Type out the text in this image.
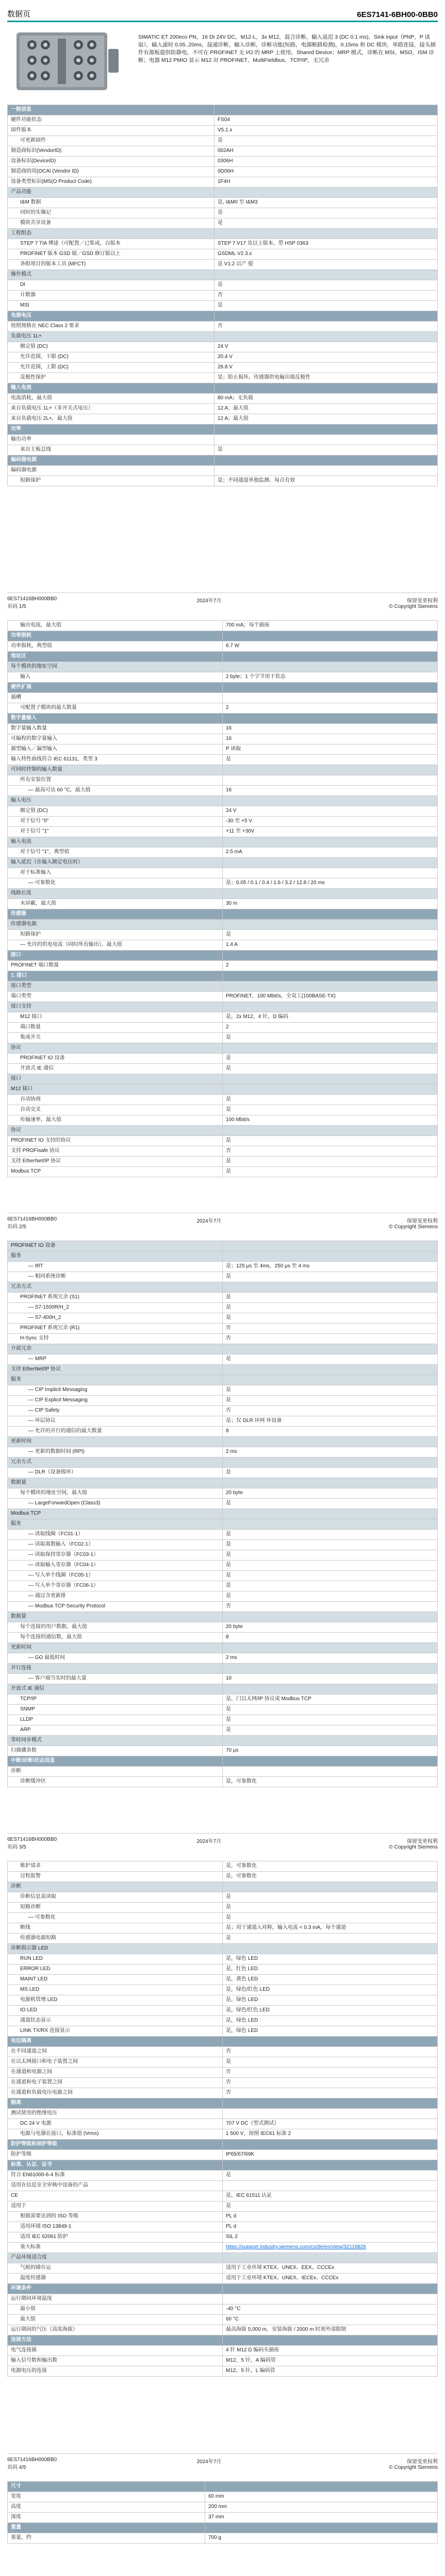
数据页	6ES7141-6BH00-0BB0
SIMATIC ET 200eco PN，16 DI 24V DC，M12-L，3x M12，混合诊断，输入延迟 3 (DC 0.1 ms)，Sink input（PNP，P 读取），输入滤时 0.05..20ms，接通诊断，输入诊断，诊断功能(短路，电源断路检测)，0.15ms 和 DC 模块，单路连接，接头插件有源板提供防静电，不可在 PROFINET 无 I/O 的 MRP 上使用，Shared Device；MRP 模式，诊断在 MSI、MSO，ISM 诊断；电器 M12 PMIO 显示 M12 对 PROFINET、MultiFieldbus、TCP/IP，无冗余
一般信息	
硬件功能状态	FS04
固件版本	V5.1.x
可更新固件	是
制造商标识(VendorID)	002AH
设备标识(DeviceID)	0306H
制造商的用(OCAI (Vendor ID)	0D06H
设备类型标识(MS(O Product Code)	1F4H
产品功能	
I&M 数据	是, I&M0 至 I&M3
同时的实操记	是
模块共享设备	是
工程组态	
STEP 7 TIA 博途（可配置／已集成，自版本	STEP 7 V17 及以上版本，带 HSP 0363
PROFINET 版本 GSD 版／GSD 修订版以上	GSDML V2.3.x
各组项目的版本工具 (MFCT)	是 V1.2 以产 提
操作模式	
DI	是
计数器	否
MSI	是
电源电压	
按照规格在 NEC Class 2 要求	否
负载电压 1L+	
额定值 (DC)	24 V
允许范围，下限 (DC)	20.4 V
允许范围，上限 (DC)	28.8 V
反极性保护	是；防止损坏，传感器供电输出端反极性
输入电流	
电流消耗，最大值	80 mA；无负载
来自负载电压 1L+（非开关式电压）	12 A；最大值
来自负载电压 2L+，最大值	12 A；最大值
功率	
输出功率	
来自主板总线	是
编码器电源	
编码器电源	
短路保护	是；不同通道单独监测、每点有效
6ES71416BH000BB0
页码 1/5
2024年7月	保留变更权利
© Copyright Siemens
输出电流，最大值	700 mA；每个插座
功率损耗	
功率损耗，典型值	6.7 W
地址区	
每个模块的地址空间	
输入	2 byte；1 个字节用于状态
硬件扩展	
插槽	
可配置子模块的最大数量	2
数字量输入	
数字量输入数量	16
可编程的数字量输入	16
源型输入／漏型输入	P 读取
输入特性曲线符合 IEC 61131，类型 3	是
可同时控制的输入数量	
所有安装位置	
— 最高可达 60 °C，最大值	16
输入电压	
额定值 (DC)	24 V
对于信号 "0"	-30 至 +5 V
对于信号 "1"	+11 至 +30V
输入电流	
对于信号 "1"，典型值	2.5 mA
输入延迟（在输入额定电压时）	
对于标准输入	
— 可参数化	是；0.05 / 0.1 / 0.4 / 1.6 / 3.2 / 12.8 / 20 ms
线路长度	
未屏蔽，最大值	30 m
传感器	
传感器电源	
短路保护	是
— 允许的供电电流（同时所有输出），最大值	1.4 A
接口	
PROFINET 端口数量	2
1. 接口	
接口类型	
端口类型	PROFINET，100 Mbit/s，全双工(100BASE-TX)
接口支持	
M12 接口	是，2x M12，4 针，D 编码
端口数量	2
集成开关	是
协议	
PROFINET IO 设备	是
开放式 IE 通信	是
接口	
M12 接口	
自动协商	是
自动交叉	是
传输速率，最大值	100 Mbit/s
协议	
PROFINET IO 支持的协议	是
支持 PROFIsafe 协议	否
支持 EtherNet/IP 协议	是
Modbus TCP	是
6ES71416BH000BB0
页码 2/5
2024年7月	保留变更权利
© Copyright Siemens
PROFINET IO 设备	
服务	
— IRT	是；125 μs 至 4ms，250 μs 至 4 ms
— 相同系统诊断	是
冗余方式	
PROFINET 系统冗余 (S1)	是
— S7-1500R/H_2	是
— S7-400H_2	是
PROFINET 系统冗余 (R1)	否
H-Sync 支持	否
介质冗余	
— MRP	是
支持 EtherNet/IP 协议	
服务	
— CIP Implicit Messaging	是
— CIP Explicit Messaging	是
— CIP Safety	否
— 环层协议	是；仅 DLR 环网 环设备
— 允许的并行的通信的最大数量	8
更新时间	
— 更新的数据时间 (RPI)	2 ms
冗余方式	
— DLR（设备级环）	是
数据量	
每个模块的地址空间，最大值	20 byte
— LargeForwardOpen (Class3)	是
Modbus TCP	
服务	
— 读取线圈（FC01-1）	是
— 读取离散输入（FC02-1）	是
— 读取保持寄存器（FC03-1）	是
— 读取输入寄存器（FC04-1）	是
— 写入单个线圈（FC05-1）	是
— 写入单个寄存器（FC06-1）	是
— 通过含更新排	是
— Modbus TCP Security Protocol	否
数据量	
每个连接的用户数据，最大值	20 byte
每个连接的通信数，最大值	8
更新时间	
— GO 最低时间	2 ms
并行连接	
— 客户端当实时的最大量	10
开放式 IE 通信	
TCP/IP	是，门以太网/IP 协议或 Modbus TCP
SNMP	是
LLDP	是
ARP	是
等时同步模式	
扫描播条数	70 μs
中断/诊断/状态信息	
诊断	
诊断缓冲区	是，可参数化
6ES71416BH000BB0
页码 3/5
2024年7月	保留变更权利
© Copyright Siemens
维护请求	是，可参数化
过程报警	是，可参数化
诊断	
诊断信息需读取	是
短路诊断	是
— 可参数化	是
断线	是；用于通道入对称，输入电流 < 0.3 mA，每个通道
传感器电源短路	是
诊断指示器 LED	
RUN LED	是，绿色 LED
ERROR LED	是，红色 LED
MAINT LED	是，黄色 LED
MS LED	是，绿色/红色 LED
电源机管理 LED	是，绿色 LED
IO LED	是，绿色/红色 LED
通道状态显示	是，绿色 LED
LINK TX/RX 连接显示	是，绿色 LED
电位隔离	
在不同通道之间	否
在以太网接口和电子装置之间	是
在通道和电源之间	否
在通道和电子装置之间	否
在通道和负载电压电源之间	否
隔离	
测试使用的绝缘电压	
DC 24 V 电源	707 V DC（型式测试）
电源与电器在接口，标准值 (Vrms)	1 500 V，按照 IEC61 标准 2
防护等级和保护等级	
防护等级	IP65/67/69K
标准、认证、证书	
符合 EN61000-6-4 标准	是
适用在信息安全审核中设备的产品	
CE	是，IEC 61511 认证
适用于	是
根据需要达到的 ISO 等级	PL d
适用环境 ISO 13849-1	PL d
适用 IEC 62061 防护	SIL 2
重大标准	https://support.industry.siemens.com/cs/de/en/view/32116826
产品环境适合度	
气候的储存运	适用于工业环境 KTEX、UNEX、EEX、CCCEx
温度传感器	适用于工业环境 KTEX、UNEX、IECEx、CCCEx
环境条件	
运行期间环境温度	
最小值	-40 °C
最大值	60 °C
运行期间的气压（高度海拔）	最高海拔 5,000 m，安装海拔 / 2000 m 时须外部限制
连接方法	
电气连接插	4 针 M12 D 编码头插座
输入信号数和输出数	M12，5 针，A 编码管
电源电压的连接	M12，5 针，L 编码管
6ES71416BH000BB0
页码 4/5
2024年7月	保留变更权利
© Copyright Siemens
尺寸	
宽度	60 mm
高度	200 mm
深度	37 mm
重量	
重量，约	700 g
